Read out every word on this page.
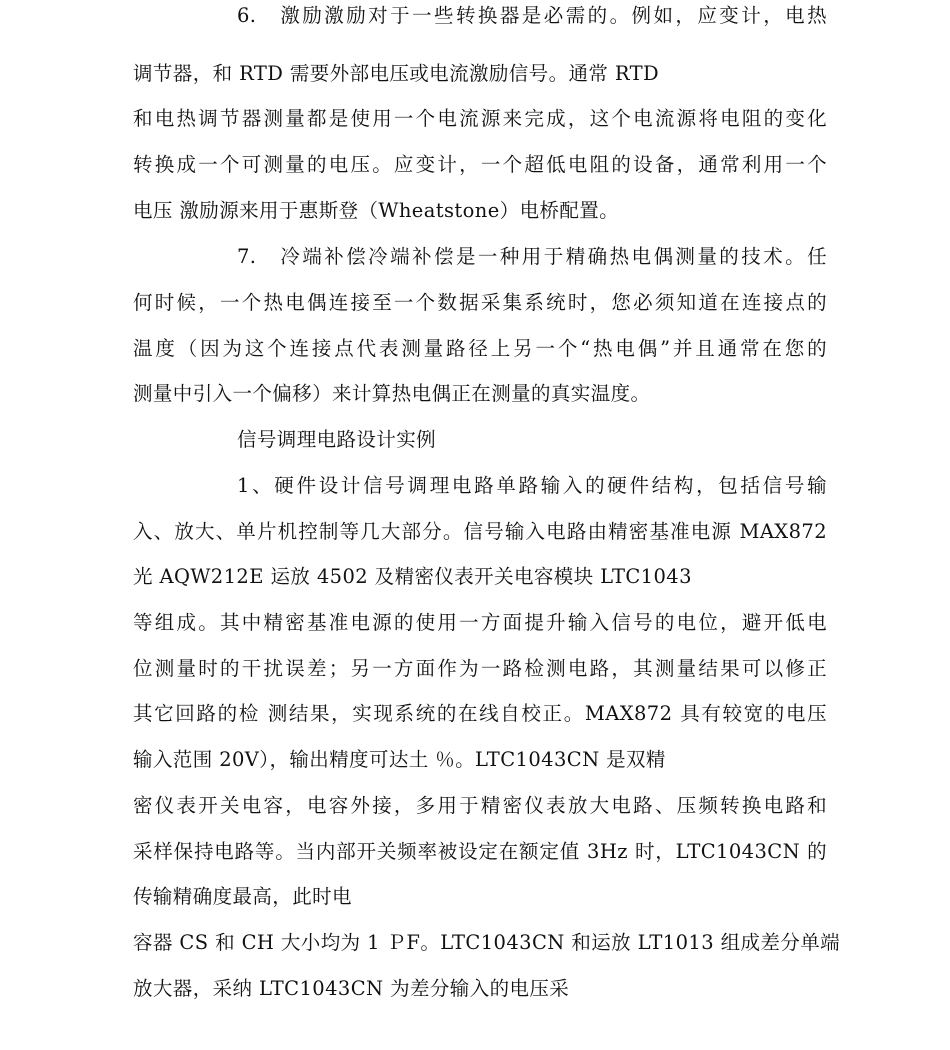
6.　激励激励对于一些转换器是必需的。例如，应变计，电热
调节器，和 RTD 需要外部电压或电流激励信号。通常 RTD
和电热调节器测量都是使用一个电流源来完成，这个电流源将电阻的变化
转换成一个可测量的电压。应变计，一个超低电阻的设备，通常利用一个
电压 激励源来用于惠斯登（Wheatstone）电桥配置。
7.　冷端补偿冷端补偿是一种用于精确热电偶测量的技术。任
何时候，一个热电偶连接至一个数据采集系统时，您必须知道在连接点的
温度（因为这个连接点代表测量路径上另一个“热电偶”并且通常在您的
测量中引入一个偏移）来计算热电偶正在测量的真实温度。
信号调理电路设计实例
1、硬件设计信号调理电路单路输入的硬件结构，包括信号输
入、放大、单片机控制等几大部分。信号输入电路由精密基准电源 MAX872
光 AQW212E 运放 4502 及精密仪表开关电容模块 LTC1043
等组成。其中精密基准电源的使用一方面提升输入信号的电位，避开低电
位测量时的干扰误差；另一方面作为一路检测电路，其测量结果可以修正
其它回路的检 测结果，实现系统的在线自校正。MAX872 具有较宽的电压
输入范围 20V），输出精度可达土 ％。LTC1043CN 是双精
密仪表开关电容，电容外接，多用于精密仪表放大电路、压频转换电路和
采样保持电路等。当内部开关频率被设定在额定值 3Hz 时，LTC1043CN 的
传输精确度最高，此时电
容器 CS 和 CH 大小均为 1 ＰF。LTC1043CN 和运放 LT1013 组成差分单端
放大器，采纳 LTC1043CN 为差分输入的电压采
